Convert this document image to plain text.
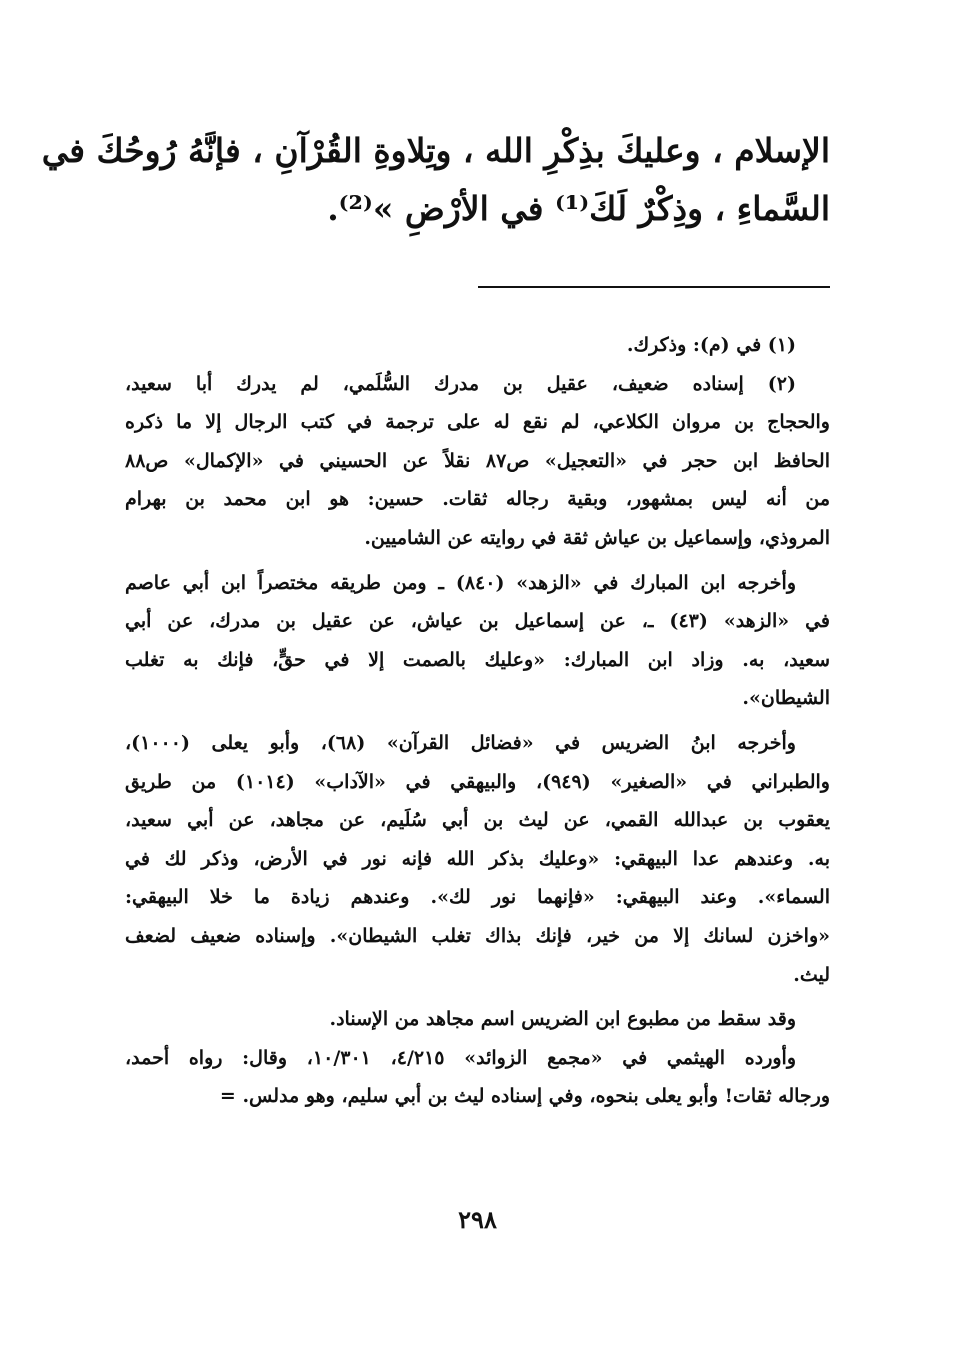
الإسلام ، وعليكَ بذِكْرِ الله ، وتِلاوةِ القُرْآنِ ، فإنَّهُ رُوحُكَ في
السَّماءِ ، وذِكْرٌ لَكَ⁽¹⁾ في الأرْضِ »⁽²⁾.
(١) في (م): وذكرك.
(٢) إسناده ضعيف، عقيل بن مدرك السُّلَمي، لم يدرك أبا سعيد،
والحجاج بن مروان الكلاعي، لم نقع له على ترجمة في كتب الرجال إلا ما ذكره
الحافظ ابن حجر في «التعجيل» ص٨٧ نقلاً عن الحسيني في «الإكمال» ص٨٨
من أنه ليس بمشهور، وبقية رجاله ثقات. حسين: هو ابن محمد بن بهرام
المروذي، وإسماعيل بن عياش ثقة في روايته عن الشاميين.
وأخرجه ابن المبارك في «الزهد» (٨٤٠) ـ ومن طريقه مختصراً ابن أبي عاصم
في «الزهد» (٤٣) ـ، عن إسماعيل بن عياش، عن عقيل بن مدرك، عن أبي
سعيد، به. وزاد ابن المبارك: «وعليك بالصمت إلا في حقٍّ، فإنك به تغلب
الشيطان».
وأخرجه ابنُ الضريس في «فضائل القرآن» (٦٨)، وأبو يعلى (١٠٠٠)،
والطبراني في «الصغير» (٩٤٩)، والبيهقي في «الآداب» (١٠١٤) من طريق
يعقوب بن عبدالله القمي، عن ليث بن أبي سُلَيم، عن مجاهد، عن أبي سعيد،
به. وعندهم عدا البيهقي: «وعليك بذكر الله فإنه نور في الأرض، وذكر لك في
السماء». وعند البيهقي: «فإنهما نور لك». وعندهم زيادة ما خلا البيهقي:
«واخزن لسانك إلا من خير، فإنك بذاك تغلب الشيطان». وإسناده ضعيف لضعف
ليث.
وقد سقط من مطبوع ابن الضريس اسم مجاهد من الإسناد.
وأورده الهيثمي في «مجمع الزوائد» ٤/٢١٥، ١٠/٣٠١، وقال: رواه أحمد،
ورجاله ثقات! وأبو يعلى بنحوه، وفي إسناده ليث بن أبي سليم، وهو مدلس. =
٢٩٨
